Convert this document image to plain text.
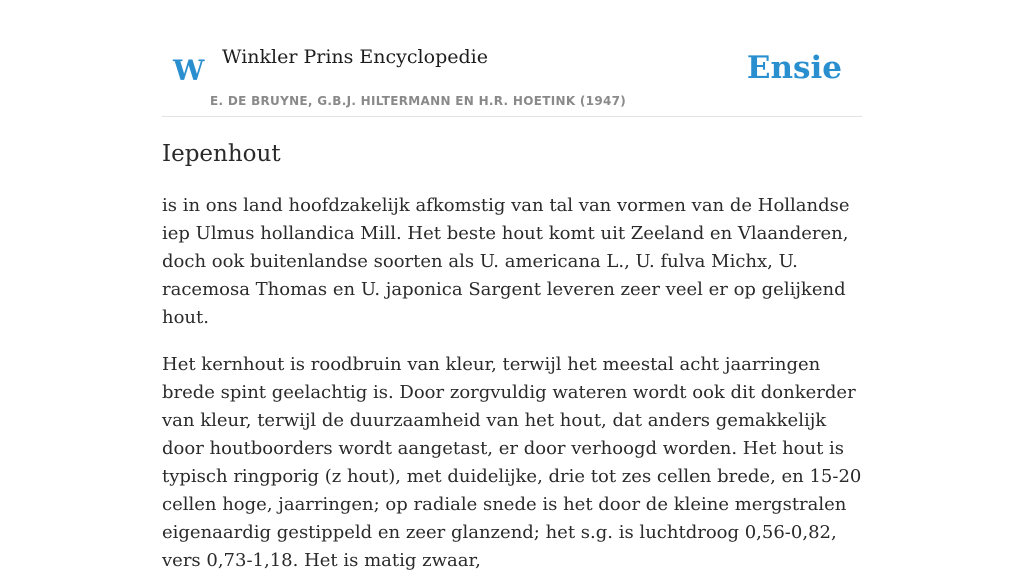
W Winkler Prins Encyclopedie
E. DE BRUYNE, G.B.J. HILTERMANN EN H.R. HOETINK (1947)
Ensie
Iepenhout

is in ons land hoofdzakelijk afkomstig van tal van vormen van de Hollandse iep Ulmus hollandica Mill. Het beste hout komt uit Zeeland en Vlaanderen, doch ook buitenlandse soorten als U. americana L., U. fulva Michx, U. racemosa Thomas en U. japonica Sargent leveren zeer veel er op gelijkend hout.

Het kernhout is roodbruin van kleur, terwijl het meestal acht jaarringen brede spint geelachtig is. Door zorgvuldig wateren wordt ook dit donkerder van kleur, terwijl de duurzaamheid van het hout, dat anders gemakkelijk door houtboorders wordt aangetast, er door verhoogd worden. Het hout is typisch ringporig (z hout), met duidelijke, drie tot zes cellen brede, en 15-20 cellen hoge, jaarringen; op radiale snede is het door de kleine mergstralen eigenaardig gestippeld en zeer glanzend; het s.g. is luchtdroog 0,56-0,82, vers 0,73-1,18. Het is matig zwaar,
